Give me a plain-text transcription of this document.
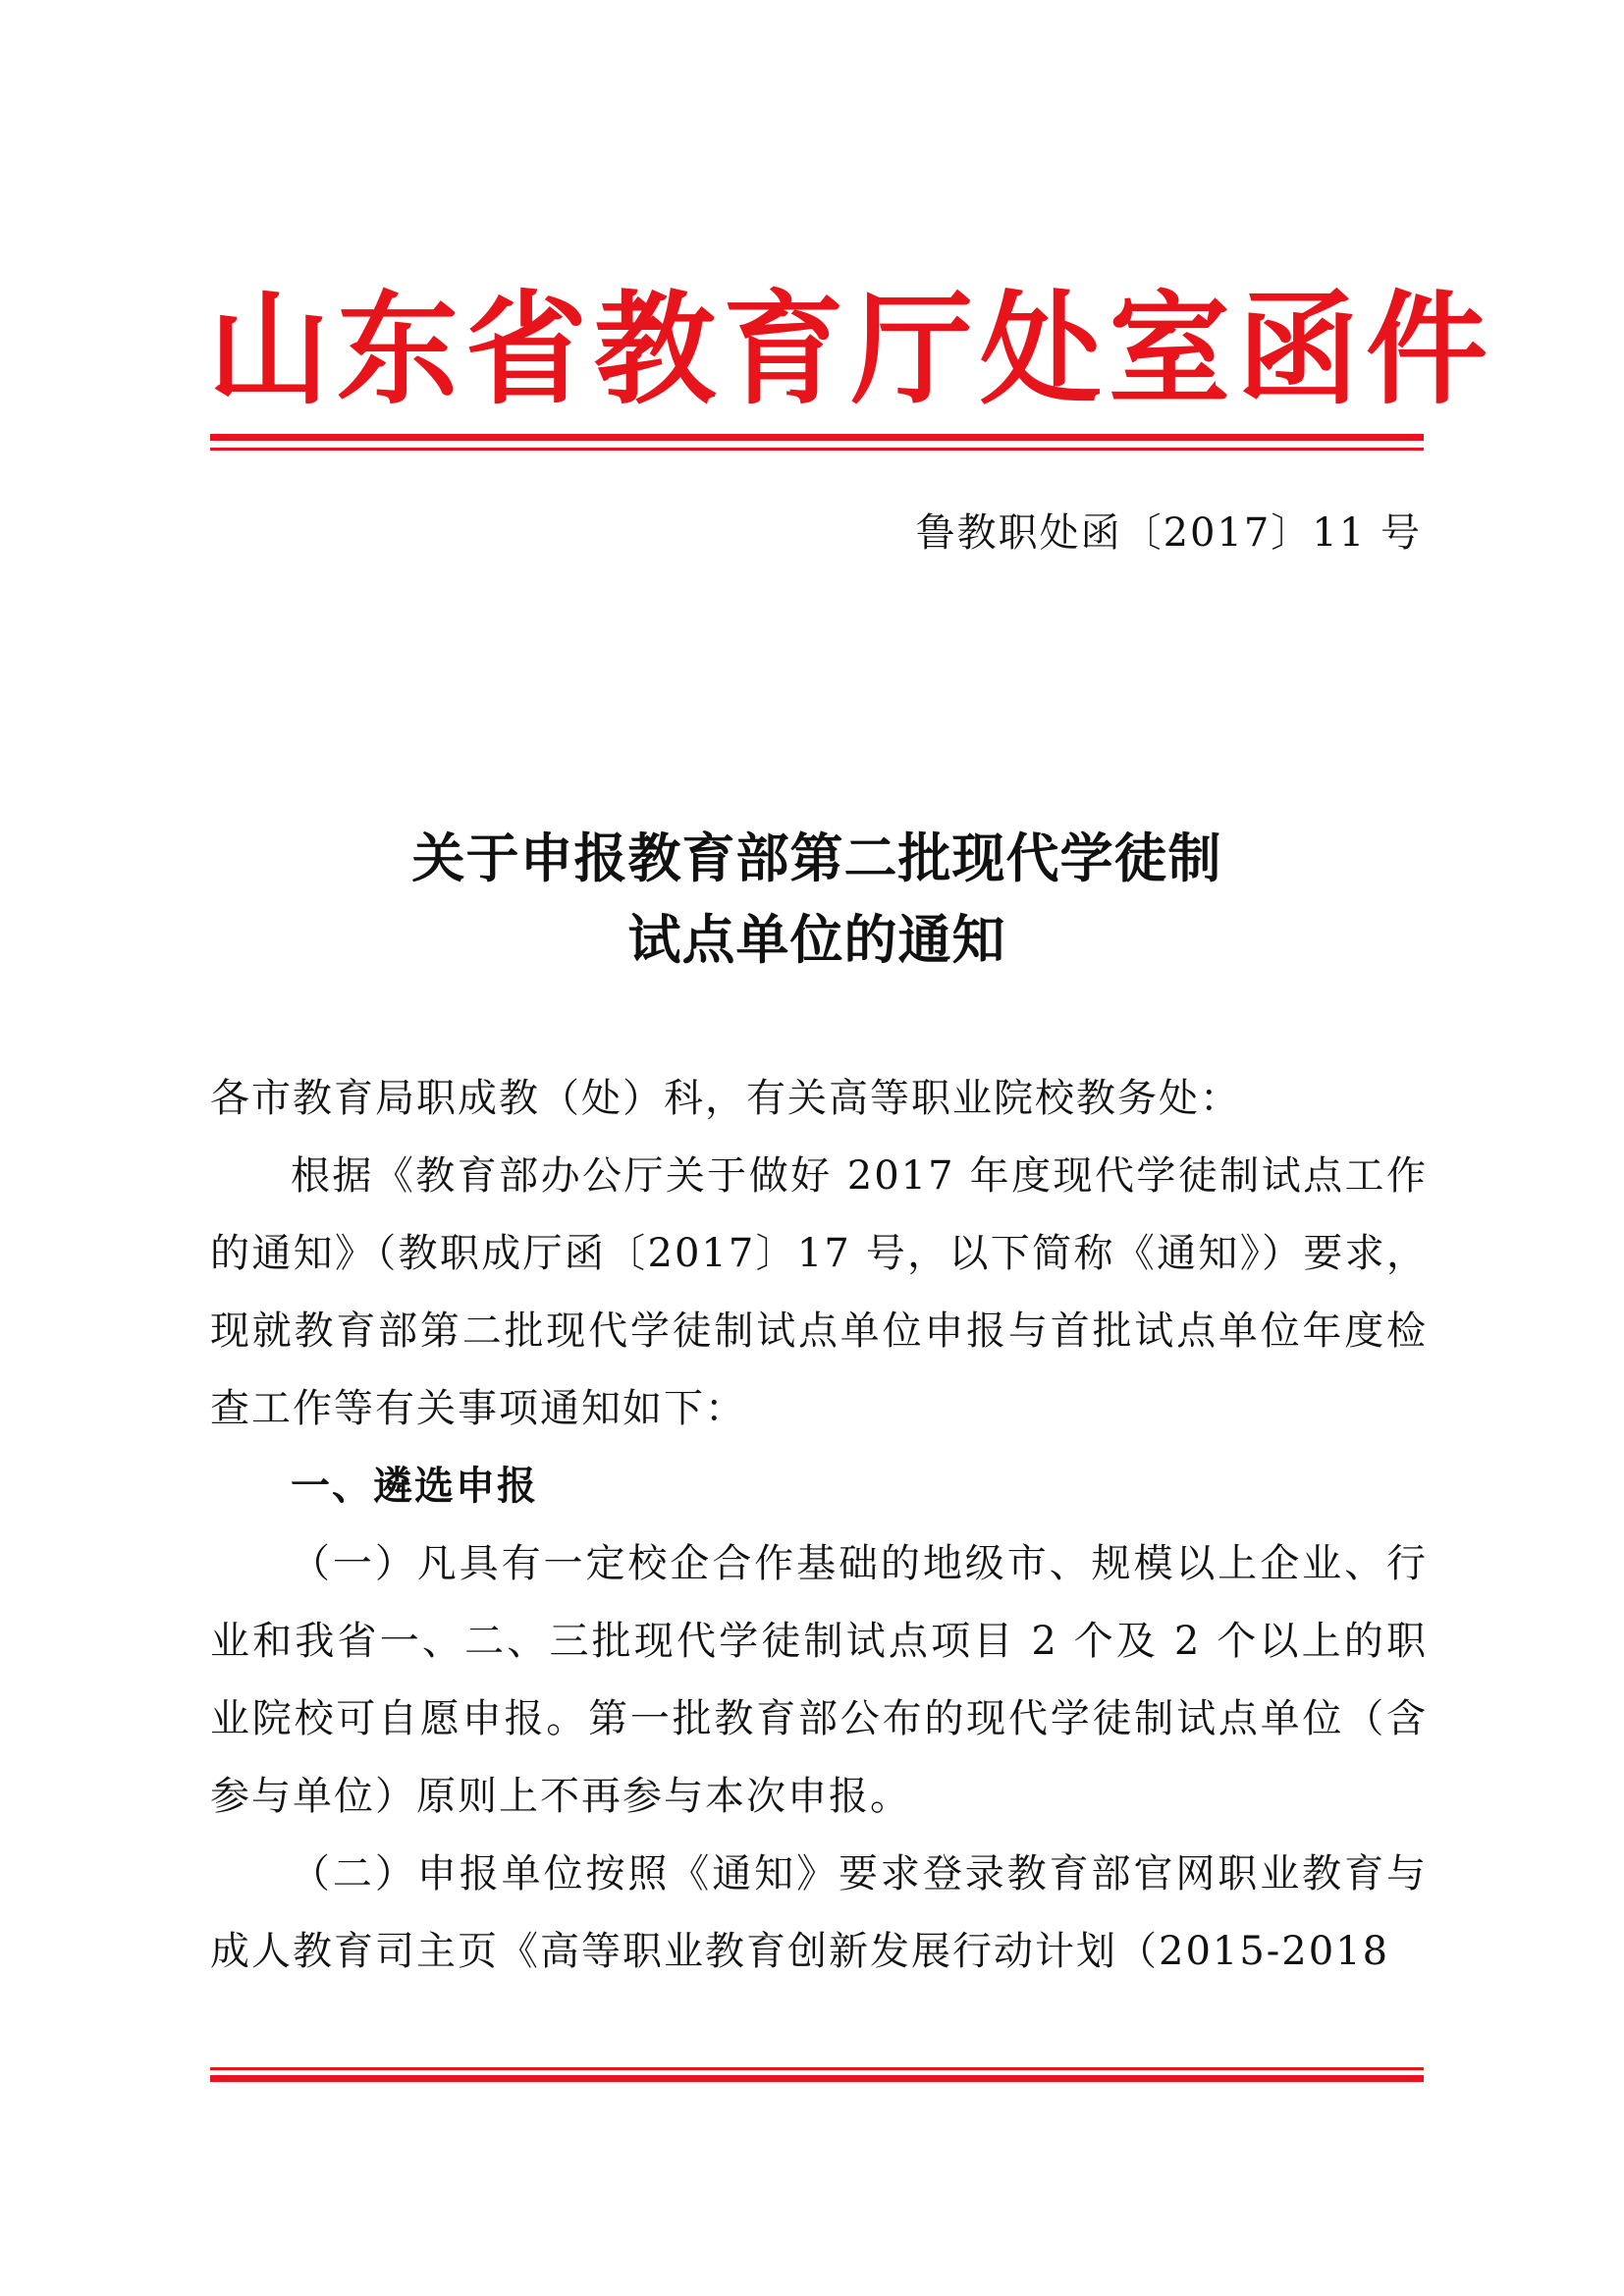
山东省教育厅处室函件
鲁教职处函〔2017〕11 号
关于申报教育部第二批现代学徒制
试点单位的通知

各市教育局职成教（处）科，有关高等职业院校教务处：

根据《教育部办公厅关于做好 2017 年度现代学徒制试点工作的通知》（教职成厅函〔2017〕17 号，以下简称《通知》）要求，现就教育部第二批现代学徒制试点单位申报与首批试点单位年度检查工作等有关事项通知如下：

一、遴选申报

（一）凡具有一定校企合作基础的地级市、规模以上企业、行业和我省一、二、三批现代学徒制试点项目 2 个及 2 个以上的职业院校可自愿申报。第一批教育部公布的现代学徒制试点单位（含参与单位）原则上不再参与本次申报。

（二）申报单位按照《通知》要求登录教育部官网职业教育与成人教育司主页《高等职业教育创新发展行动计划（2015-2018
